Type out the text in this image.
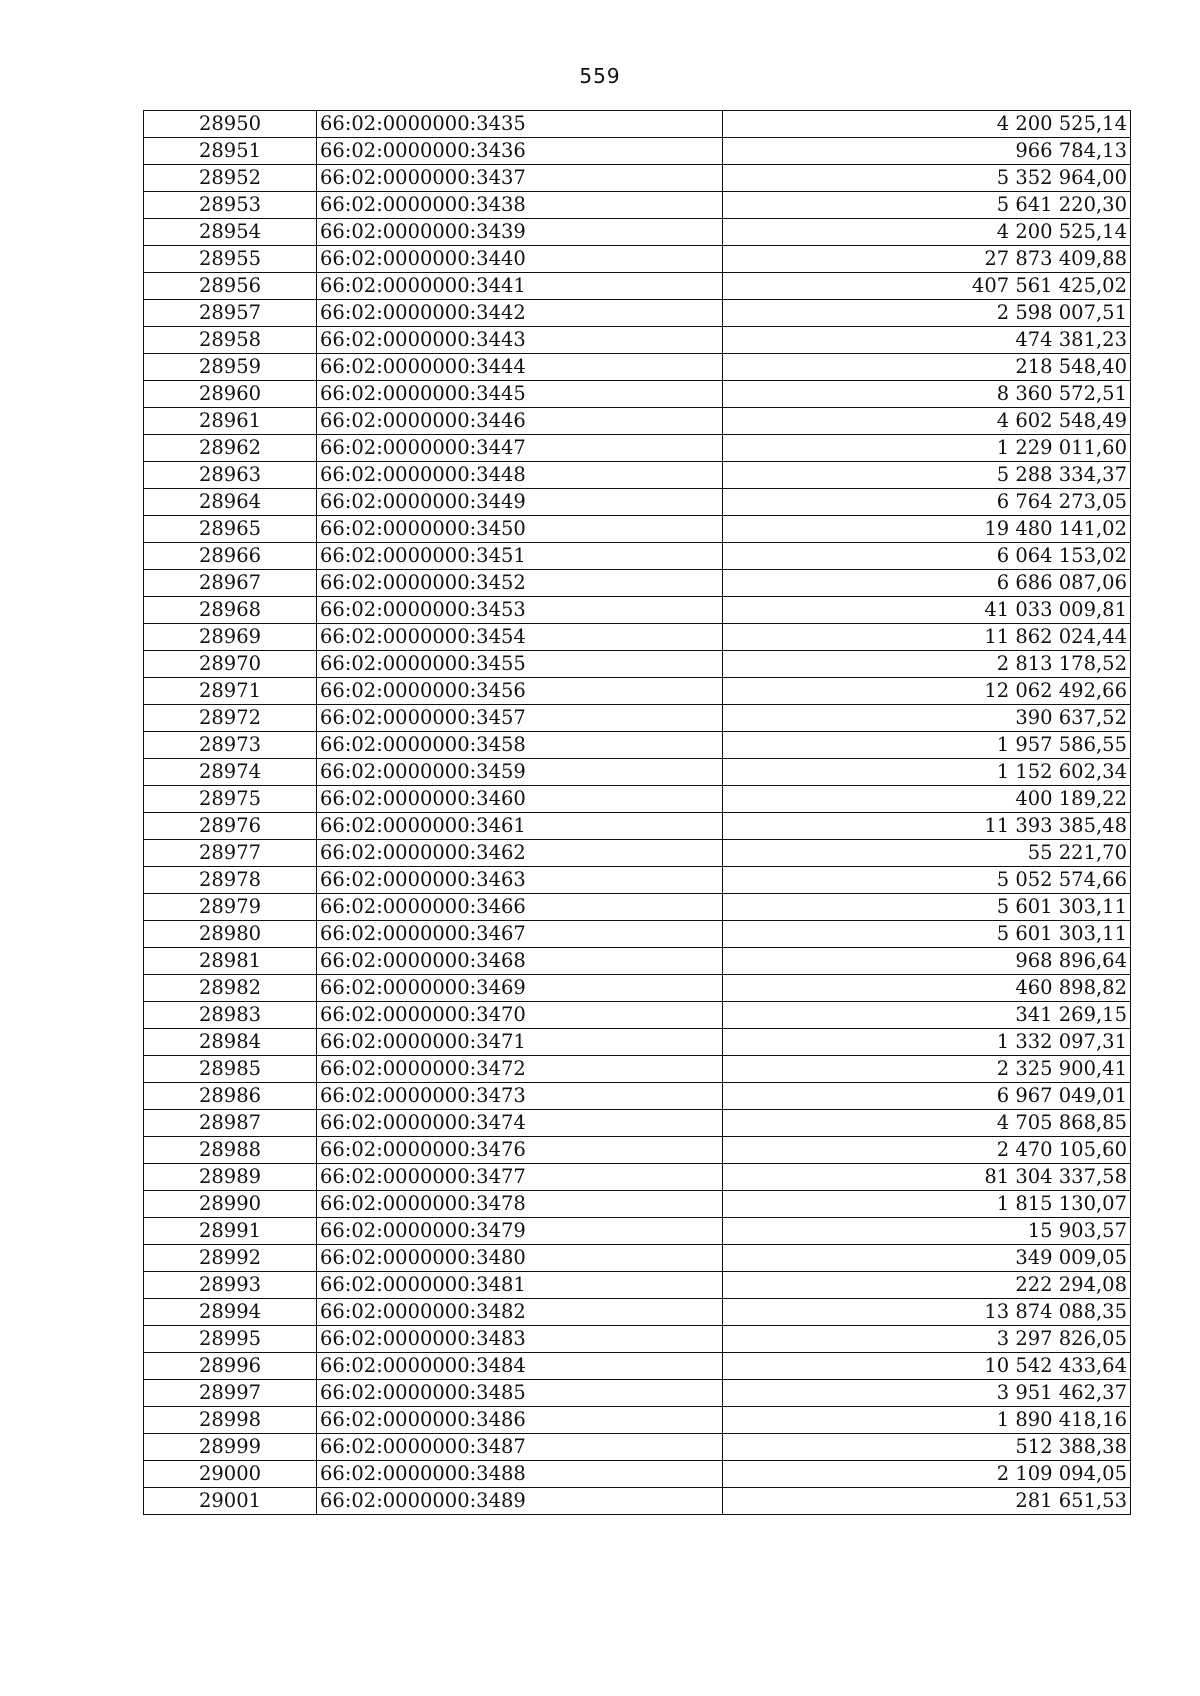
559
28950	66:02:0000000:3435	4 200 525,14
28951	66:02:0000000:3436	966 784,13
28952	66:02:0000000:3437	5 352 964,00
28953	66:02:0000000:3438	5 641 220,30
28954	66:02:0000000:3439	4 200 525,14
28955	66:02:0000000:3440	27 873 409,88
28956	66:02:0000000:3441	407 561 425,02
28957	66:02:0000000:3442	2 598 007,51
28958	66:02:0000000:3443	474 381,23
28959	66:02:0000000:3444	218 548,40
28960	66:02:0000000:3445	8 360 572,51
28961	66:02:0000000:3446	4 602 548,49
28962	66:02:0000000:3447	1 229 011,60
28963	66:02:0000000:3448	5 288 334,37
28964	66:02:0000000:3449	6 764 273,05
28965	66:02:0000000:3450	19 480 141,02
28966	66:02:0000000:3451	6 064 153,02
28967	66:02:0000000:3452	6 686 087,06
28968	66:02:0000000:3453	41 033 009,81
28969	66:02:0000000:3454	11 862 024,44
28970	66:02:0000000:3455	2 813 178,52
28971	66:02:0000000:3456	12 062 492,66
28972	66:02:0000000:3457	390 637,52
28973	66:02:0000000:3458	1 957 586,55
28974	66:02:0000000:3459	1 152 602,34
28975	66:02:0000000:3460	400 189,22
28976	66:02:0000000:3461	11 393 385,48
28977	66:02:0000000:3462	55 221,70
28978	66:02:0000000:3463	5 052 574,66
28979	66:02:0000000:3466	5 601 303,11
28980	66:02:0000000:3467	5 601 303,11
28981	66:02:0000000:3468	968 896,64
28982	66:02:0000000:3469	460 898,82
28983	66:02:0000000:3470	341 269,15
28984	66:02:0000000:3471	1 332 097,31
28985	66:02:0000000:3472	2 325 900,41
28986	66:02:0000000:3473	6 967 049,01
28987	66:02:0000000:3474	4 705 868,85
28988	66:02:0000000:3476	2 470 105,60
28989	66:02:0000000:3477	81 304 337,58
28990	66:02:0000000:3478	1 815 130,07
28991	66:02:0000000:3479	15 903,57
28992	66:02:0000000:3480	349 009,05
28993	66:02:0000000:3481	222 294,08
28994	66:02:0000000:3482	13 874 088,35
28995	66:02:0000000:3483	3 297 826,05
28996	66:02:0000000:3484	10 542 433,64
28997	66:02:0000000:3485	3 951 462,37
28998	66:02:0000000:3486	1 890 418,16
28999	66:02:0000000:3487	512 388,38
29000	66:02:0000000:3488	2 109 094,05
29001	66:02:0000000:3489	281 651,53
